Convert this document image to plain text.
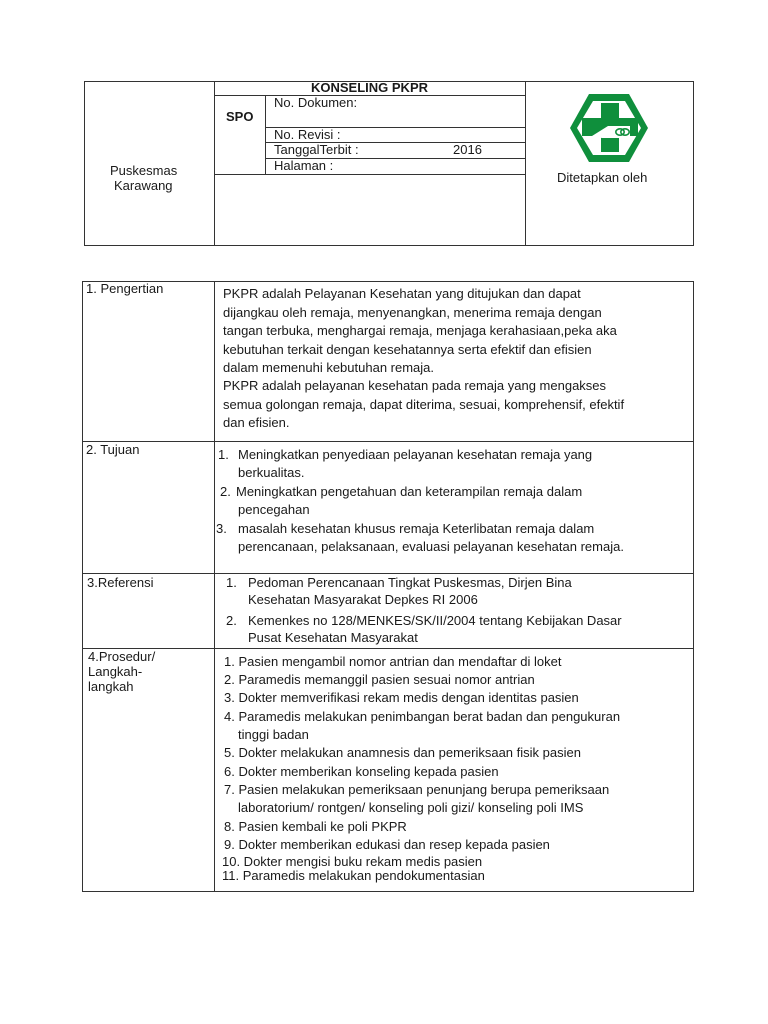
Puskesmas
Karawang
KONSELING PKPR
SPO
No. Dokumen:
No. Revisi :
TanggalTerbit :	2016
Halaman :
Ditetapkan oleh
1. Pengertian	PKPR adalah Pelayanan Kesehatan yang ditujukan dan dapat
dijangkau oleh remaja, menyenangkan, menerima remaja dengan
tangan terbuka, menghargai remaja, menjaga kerahasiaan,peka aka
kebutuhan terkait dengan kesehatannya serta efektif dan efisien
dalam memenuhi kebutuhan remaja.
PKPR adalah pelayanan kesehatan pada remaja yang mengakses
semua golongan remaja, dapat diterima, sesuai, komprehensif, efektif
dan efisien.
2. Tujuan	1. Meningkatkan penyediaan pelayanan kesehatan remaja yang
berkualitas.
2. Meningkatkan pengetahuan dan keterampilan remaja dalam
pencegahan
3. masalah kesehatan khusus remaja Keterlibatan remaja dalam
perencanaan, pelaksanaan, evaluasi pelayanan kesehatan remaja.
3.Referensi	1. Pedoman Perencanaan Tingkat Puskesmas, Dirjen Bina
Kesehatan Masyarakat Depkes RI 2006
2. Kemenkes no 128/MENKES/SK/II/2004 tentang Kebijakan Dasar
Pusat Kesehatan Masyarakat
4.Prosedur/
Langkah-
langkah
1. Pasien mengambil nomor antrian dan mendaftar di loket
2. Paramedis memanggil pasien sesuai nomor antrian
3. Dokter memverifikasi rekam medis dengan identitas pasien
4. Paramedis melakukan penimbangan berat badan dan pengukuran
tinggi badan
5. Dokter melakukan anamnesis dan pemeriksaan fisik pasien
6. Dokter memberikan konseling kepada pasien
7. Pasien melakukan pemeriksaan penunjang berupa pemeriksaan
laboratorium/ rontgen/ konseling poli gizi/ konseling poli IMS
8. Pasien kembali ke poli PKPR
9. Dokter memberikan edukasi dan resep kepada pasien
10. Dokter mengisi buku rekam medis pasien
11. Paramedis melakukan pendokumentasian
